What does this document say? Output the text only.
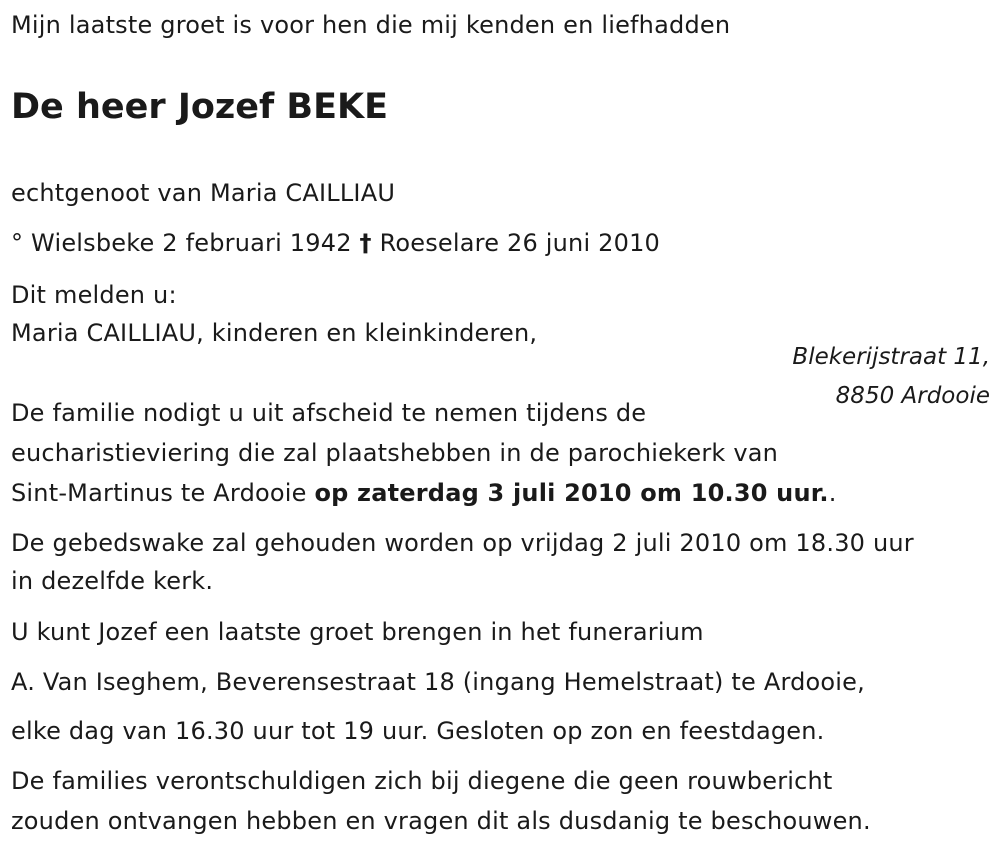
Mijn laatste groet is voor hen die mij kenden en liefhadden
De heer Jozef BEKE
echtgenoot van Maria CAILLIAU
° Wielsbeke 2 februari 1942 † Roeselare 26 juni 2010
Dit melden u:
Maria CAILLIAU, kinderen en kleinkinderen,
Blekerijstraat 11,
8850 Ardooie
De familie nodigt u uit afscheid te nemen tijdens de
eucharistieviering die zal plaatshebben in de parochiekerk van
Sint-Martinus te Ardooie op zaterdag 3 juli 2010 om 10.30 uur..
De gebedswake zal gehouden worden op vrijdag 2 juli 2010 om 18.30 uur
in dezelfde kerk.
U kunt Jozef een laatste groet brengen in het funerarium
A. Van Iseghem, Beverensestraat 18 (ingang Hemelstraat) te Ardooie,
elke dag van 16.30 uur tot 19 uur. Gesloten op zon en feestdagen.
De families verontschuldigen zich bij diegene die geen rouwbericht
zouden ontvangen hebben en vragen dit als dusdanig te beschouwen.
